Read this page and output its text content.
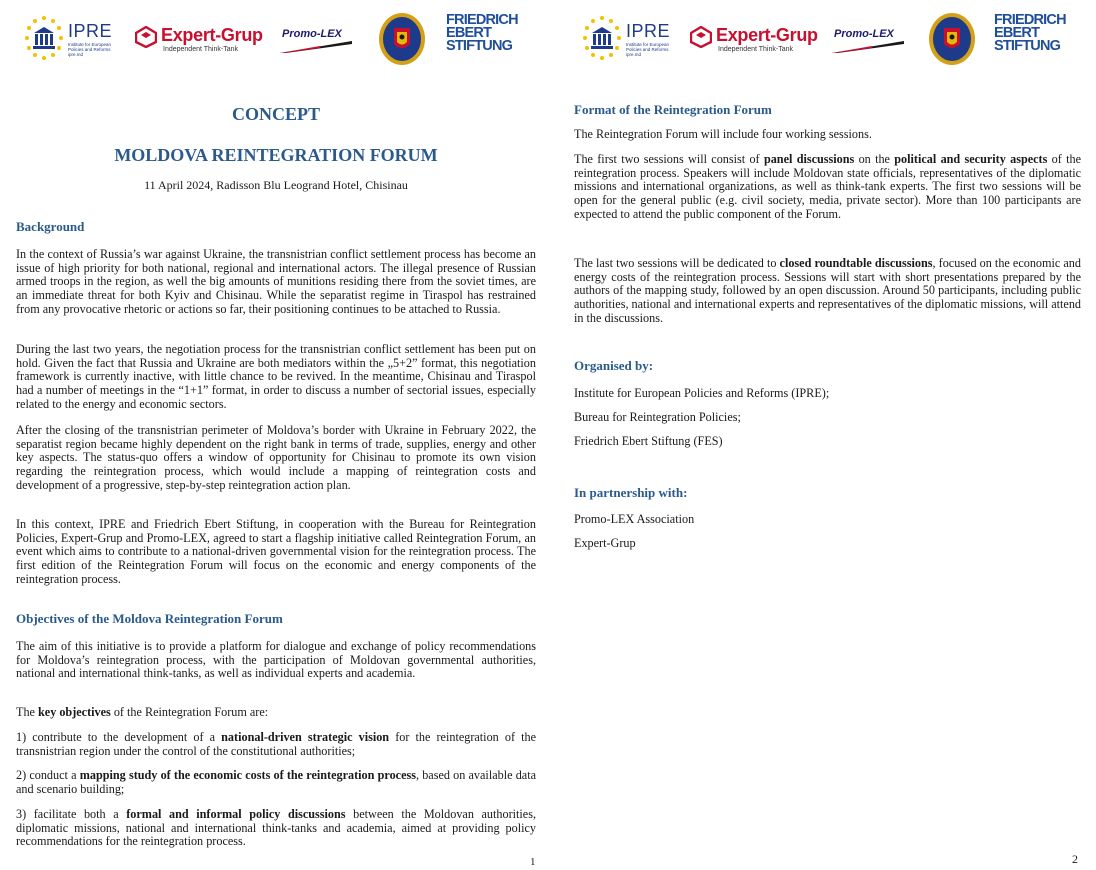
IPRE
Institute for European Policies and Reforms ipre.md
Expert-Grup
Independent Think-Tank
Promo-LEX
FRIEDRICH
EBERT
STIFTUNG
CONCEPT
MOLDOVA REINTEGRATION FORUM
11 April 2024, Radisson Blu Leogrand Hotel, Chisinau
Background
In the context of Russia’s war against Ukraine, the transnistrian conflict settlement process has become an issue of high priority for both national, regional and international actors. The illegal presence of Russian armed troops in the region, as well the big amounts of munitions residing there from the soviet times, are an immediate threat for both Kyiv and Chisinau. While the separatist regime in Tiraspol has restrained from any provocative rhetoric or actions so far, their positioning continues to be attached to Russia.
During the last two years, the negotiation process for the transnistrian conflict settlement has been put on hold. Given the fact that Russia and Ukraine are both mediators within the „5+2” format, this negotiation framework is currently inactive, with little chance to be revived. In the meantime, Chisinau and Tiraspol had a number of meetings in the “1+1” format, in order to discuss a number of sectorial issues, especially related to the energy and economic sectors.
After the closing of the transnistrian perimeter of Moldova’s border with Ukraine in February 2022, the separatist region became highly dependent on the right bank in terms of trade, supplies, energy and other key aspects. The status-quo offers a window of opportunity for Chisinau to promote its own vision regarding the reintegration process, which would include a mapping of reintegration costs and development of a progressive, step-by-step reintegration action plan.
In this context, IPRE and Friedrich Ebert Stiftung, in cooperation with the Bureau for Reintegration Policies, Expert-Grup and Promo-LEX, agreed to start a flagship initiative called Reintegration Forum, an event which aims to contribute to a national-driven governmental vision for the reintegration process. The first edition of the Reintegration Forum will focus on the economic and energy components of the reintegration process.
Objectives of the Moldova Reintegration Forum
The aim of this initiative is to provide a platform for dialogue and exchange of policy recommendations for Moldova’s reintegration process, with the participation of Moldovan governmental authorities, national and international think-tanks, as well as individual experts and academia.
The key objectives of the Reintegration Forum are:
1) contribute to the development of a national-driven strategic vision for the reintegration of the transnistrian region under the control of the constitutional authorities;
2) conduct a mapping study of the economic costs of the reintegration process, based on available data and scenario building;
3) facilitate both a formal and informal policy discussions between the Moldovan authorities, diplomatic missions, national and international think-tanks and academia, aimed at providing policy recommendations for the reintegration process.
1
IPRE
Institute for European Policies and Reforms ipre.md
Expert-Grup
Independent Think-Tank
Promo-LEX
FRIEDRICH
EBERT
STIFTUNG
Format of the Reintegration Forum
The Reintegration Forum will include four working sessions.
The first two sessions will consist of panel discussions on the political and security aspects of the reintegration process. Speakers will include Moldovan state officials, representatives of the diplomatic missions and international organizations, as well as think-tank experts. The first two sessions will be open for the general public (e.g. civil society, media, private sector). More than 100 participants are expected to attend the public component of the Forum.
The last two sessions will be dedicated to closed roundtable discussions, focused on the economic and energy costs of the reintegration process. Sessions will start with short presentations prepared by the authors of the mapping study, followed by an open discussion. Around 50 participants, including public authorities, national and international experts and representatives of the diplomatic missions, will attend in the discussions.
Organised by:
Institute for European Policies and Reforms (IPRE);
Bureau for Reintegration Policies;
Friedrich Ebert Stiftung (FES)
In partnership with:
Promo-LEX Association
Expert-Grup
2
